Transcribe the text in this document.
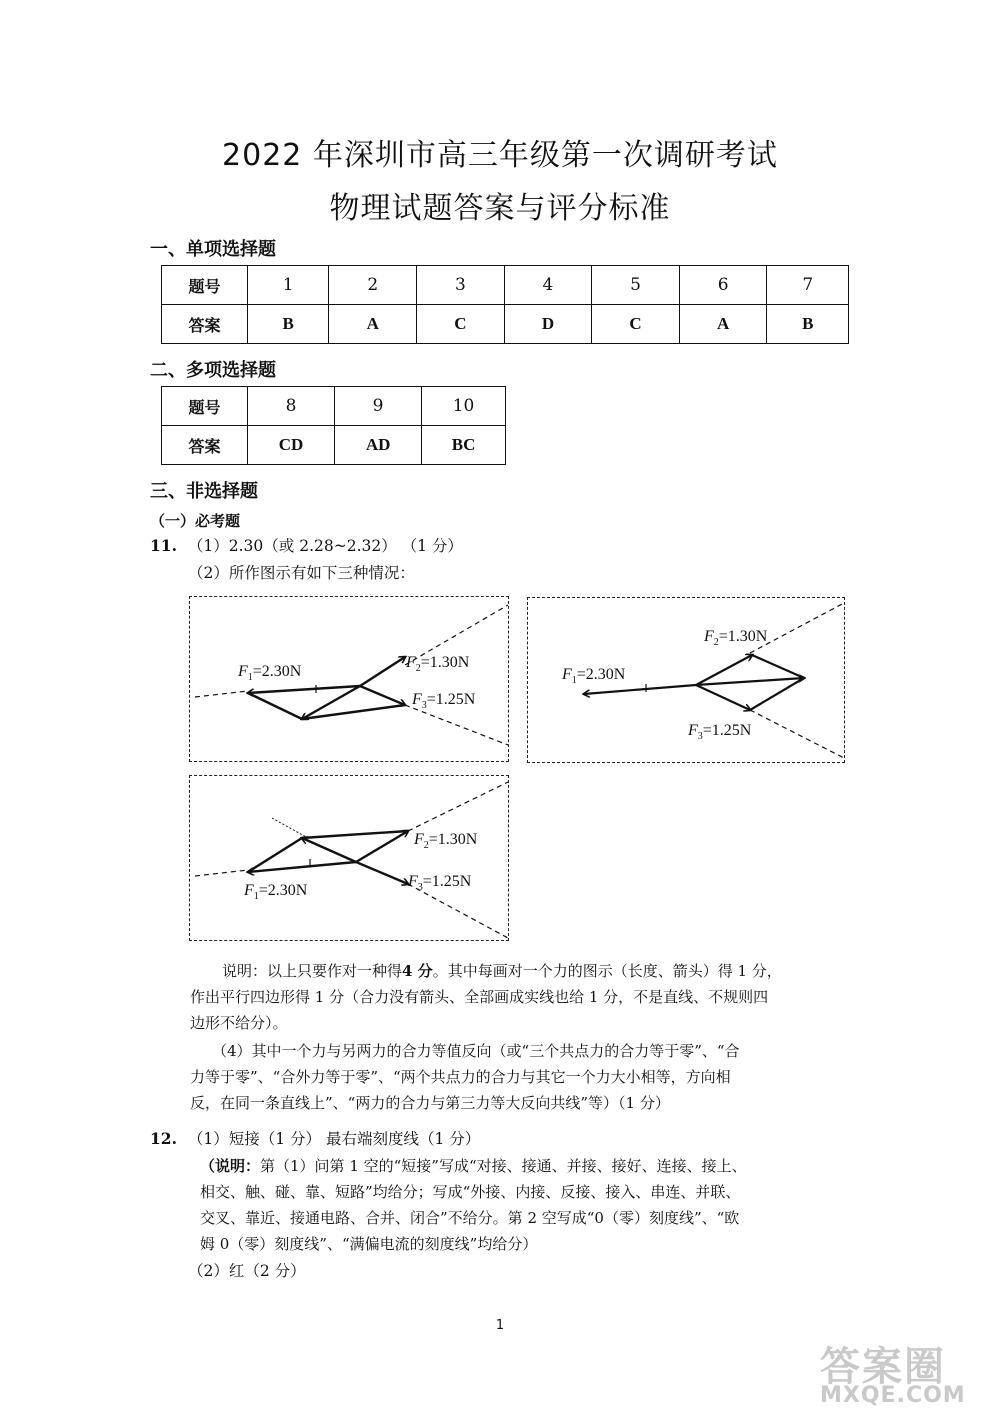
2022 年深圳市高三年级第一次调研考试
物理试题答案与评分标准
一、单项选择题
题号	1	2	3	4	5	6	7
答案	B	A	C	D	C	A	B
二、多项选择题
题号	8	9	10
答案	CD	AD	BC
三、非选择题
（一）必考题
11. （1）2.30（或 2.28~2.32） （1 分）
（2）所作图示有如下三种情况：
$F_1=2.30N$
$F_2=1.30N$
$F_3=1.25N$
$F_1=2.30N$
$F_2=1.30N$
$F_3=1.25N$
$F_1=2.30N$
$F_2=1.30N$
$F_3=1.25N$
说明：以上只要作对一种得4 分。其中每画对一个力的图示（长度、箭头）得 1 分，
作出平行四边形得 1 分（合力没有箭头、全部画成实线也给 1 分，不是直线、不规则四
边形不给分）。
（4）其中一个力与另两力的合力等值反向（或“三个共点力的合力等于零”、“合
力等于零”、“合外力等于零”、“两个共点力的合力与其它一个力大小相等，方向相
反，在同一条直线上”、“两力的合力与第三力等大反向共线”等）（1 分）
12. （1）短接（1 分） 最右端刻度线（1 分）
（说明：第（1）问第 1 空的“短接”写成“对接、接通、并接、接好、连接、接上、
相交、触、碰、靠、短路”均给分；写成“外接、内接、反接、接入、串连、并联、
交叉、靠近、接通电路、合并、闭合”不给分。第 2 空写成“0（零）刻度线”、“欧
姆 0（零）刻度线”、“满偏电流的刻度线”均给分）
（2）红（2 分）
1
答案圈
MXQE.COM
